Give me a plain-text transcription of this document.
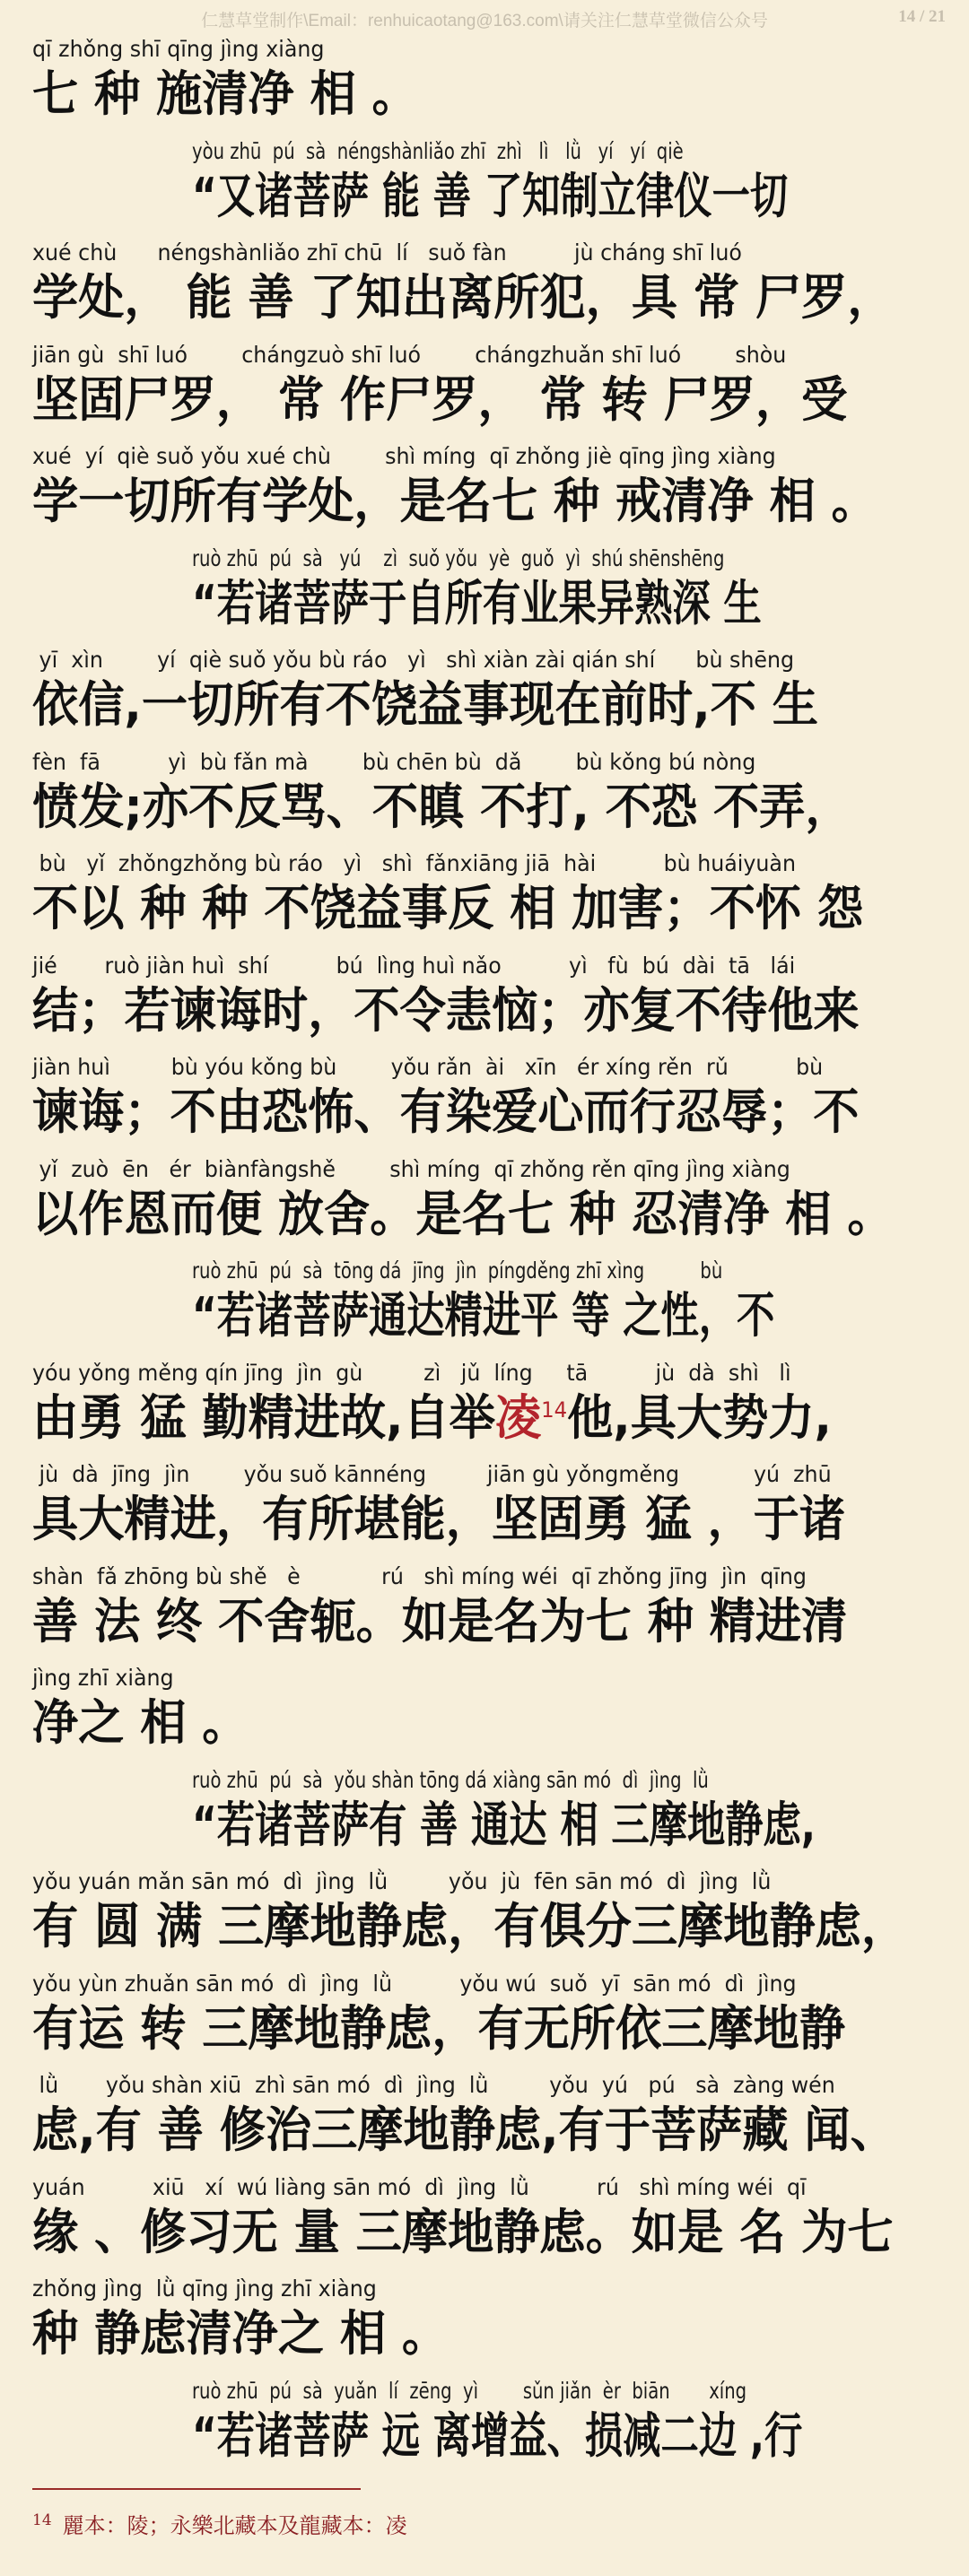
仁慧草堂制作\Email：renhuicaotang@163.com\请关注仁慧草堂微信公众号	14 / 21
qī zhǒng shī qīng jìng xiàng
七 种 施清净 相 。
yòu zhū  pú  sà  néngshànliǎo zhī  zhì   lì   lǜ   yí   yí  qiè
“又诸菩萨 能 善 了知制立律仪一切
xué chù      néngshànliǎo zhī chū  lí   suǒ fàn          jù cháng shī luó
学处， 能 善 了知出离所犯，具 常 尸罗，
jiān gù  shī luó        chángzuò shī luó        chángzhuǎn shī luó        shòu
坚固尸罗， 常 作尸罗， 常 转 尸罗，受
xué  yí  qiè suǒ yǒu xué chù        shì míng  qī zhǒng jiè qīng jìng xiàng
学一切所有学处，是名七 种 戒清净 相 。
ruò zhū  pú  sà   yú    zì  suǒ yǒu  yè  guǒ  yì  shú shēnshēng
“若诸菩萨于自所有业果异熟深 生
yī  xìn        yí  qiè suǒ yǒu bù ráo   yì   shì xiàn zài qián shí      bù shēng
依信,一切所有不饶益事现在前时,不 生
fèn  fā          yì  bù fǎn mà        bù chēn bù  dǎ        bù kǒng bú nòng
愤发;亦不反骂、不瞋 不打, 不恐 不弄，
bù   yǐ  zhǒngzhǒng bù ráo   yì   shì  fǎnxiāng jiā  hài          bù huáiyuàn
不以 种 种 不饶益事反 相 加害；不怀 怨
jié       ruò jiàn huì  shí          bú  lìng huì nǎo          yì   fù  bú  dài  tā   lái
结；若谏诲时，不令恚恼；亦复不待他来
jiàn huì         bù yóu kǒng bù        yǒu rǎn  ài   xīn   ér xíng rěn  rǔ          bù
谏诲；不由恐怖、有染爱心而行忍辱；不
yǐ  zuò  ēn   ér  biànfàngshě        shì míng  qī zhǒng rěn qīng jìng xiàng
以作恩而便 放舍。是名七 种 忍清净 相 。
ruò zhū  pú  sà  tōng dá  jīng  jìn  píngděng zhī xìng          bù
“若诸菩萨通达精进平 等 之性，不
yóu yǒng měng qín jīng  jìn  gù         zì   jǔ  líng     tā          jù  dà  shì   lì
由勇 猛 勤精进故,自举凌$^{14}$他,具大势力,
jù  dà  jīng  jìn        yǒu suǒ kānnéng         jiān gù yǒngměng           yú  zhū
具大精进，有所堪能，坚固勇 猛 ，于诸
shàn  fǎ zhōng bù shě   è            rú   shì míng wéi  qī zhǒng jīng  jìn  qīng
善 法 终 不舍轭。如是名为七 种 精进清
jìng zhī xiàng
净之 相 。
ruò zhū  pú  sà  yǒu shàn tōng dá xiàng sān mó  dì  jìng  lǜ
“若诸菩萨有 善 通达 相 三摩地静虑,
yǒu yuán mǎn sān mó  dì  jìng  lǜ         yǒu  jù  fēn sān mó  dì  jìng  lǜ
有 圆 满 三摩地静虑，有俱分三摩地静虑，
yǒu yùn zhuǎn sān mó  dì  jìng  lǜ          yǒu wú  suǒ  yī  sān mó  dì  jìng
有运 转 三摩地静虑，有无所依三摩地静
lǜ       yǒu shàn xiū  zhì sān mó  dì  jìng  lǜ         yǒu  yú   pú   sà  zàng wén
虑,有 善 修治三摩地静虑,有于菩萨藏 闻、
yuán          xiū   xí  wú liàng sān mó  dì  jìng  lǜ          rú   shì míng wéi  qī
缘 、修习无 量 三摩地静虑。如是 名 为七
zhǒng jìng  lǜ qīng jìng zhī xiàng
种 静虑清净之 相 。
ruò zhū  pú  sà  yuǎn  lí  zēng  yì        sǔn jiǎn  èr  biān       xíng
“若诸菩萨 远 离增益、损减二边 ,行
$^{14}$ 麗本：陵；永樂北藏本及龍藏本：凌
